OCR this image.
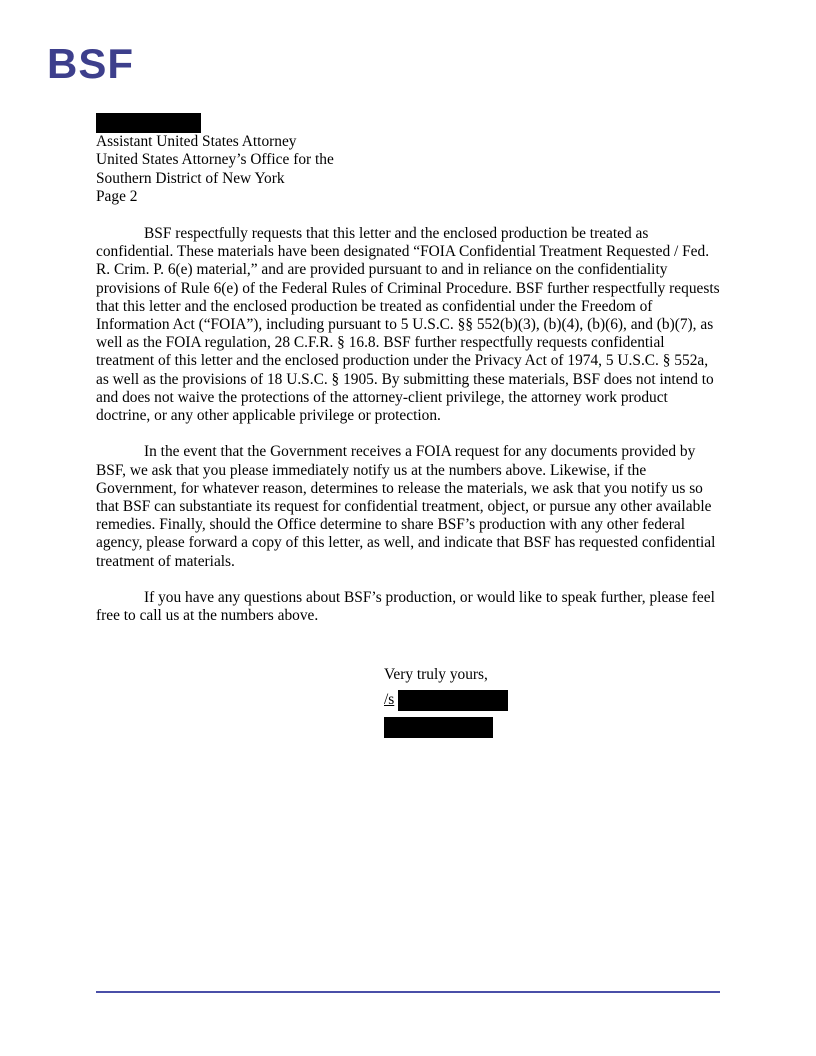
BSF
Assistant United States Attorney
United States Attorney’s Office for the
Southern District of New York
Page 2

BSF respectfully requests that this letter and the enclosed production be treated as confidential. These materials have been designated “FOIA Confidential Treatment Requested / Fed. R. Crim. P. 6(e) material,” and are provided pursuant to and in reliance on the confidentiality provisions of Rule 6(e) of the Federal Rules of Criminal Procedure. BSF further respectfully requests that this letter and the enclosed production be treated as confidential under the Freedom of Information Act (“FOIA”), including pursuant to 5 U.S.C. §§ 552(b)(3), (b)(4), (b)(6), and (b)(7), as well as the FOIA regulation, 28 C.F.R. § 16.8. BSF further respectfully requests confidential treatment of this letter and the enclosed production under the Privacy Act of 1974, 5 U.S.C. § 552a, as well as the provisions of 18 U.S.C. § 1905. By submitting these materials, BSF does not intend to and does not waive the protections of the attorney-client privilege, the attorney work product doctrine, or any other applicable privilege or protection.

In the event that the Government receives a FOIA request for any documents provided by BSF, we ask that you please immediately notify us at the numbers above. Likewise, if the Government, for whatever reason, determines to release the materials, we ask that you notify us so that BSF can substantiate its request for confidential treatment, object, or pursue any other available remedies. Finally, should the Office determine to share BSF’s production with any other federal agency, please forward a copy of this letter, as well, and indicate that BSF has requested confidential treatment of materials.

If you have any questions about BSF’s production, or would like to speak further, please feel free to call us at the numbers above.

Very truly yours,
/s
